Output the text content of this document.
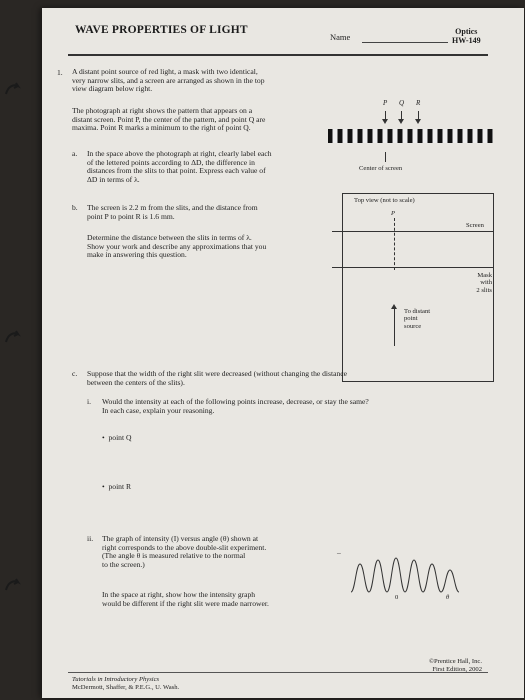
WAVE PROPERTIES OF LIGHT
Name
Optics
HW-149
1. A distant point source of red light, a mask with two identical,
very narrow slits, and a screen are arranged as shown in the top
view diagram below right.
The photograph at right shows the pattern that appears on a
distant screen. Point P, the center of the pattern, and point Q are
maxima. Point R marks a minimum to the right of point Q.
a. In the space above the photograph at right, clearly label each
of the lettered points according to ΔD, the difference in
distances from the slits to that point. Express each value of
ΔD in terms of λ.
b. The screen is 2.2 m from the slits, and the distance from
point P to point R is 1.6 mm.
Determine the distance between the slits in terms of λ.
Show your work and describe any approximations that you
make in answering this question.
P Q R
Center of screen
Top view (not to scale)
P
Screen
Mask
with
2 slits
To distant
point
source
c. Suppose that the width of the right slit were decreased (without changing the distance
between the centers of the slits).
i. Would the intensity at each of the following points increase, decrease, or stay the same?
In each case, explain your reasoning.
•  point Q
•  point R
ii. The graph of intensity (I) versus angle (θ) shown at
right corresponds to the above double-slit experiment.
(The angle θ is measured relative to the normal
to the screen.)
In the space at right, show how the intensity graph
would be different if the right slit were made narrower.
–
0	θ
Tutorials in Introductory Physics
McDermott, Shaffer, & P.E.G., U. Wash.
©Prentice Hall, Inc.
First Edition, 2002
